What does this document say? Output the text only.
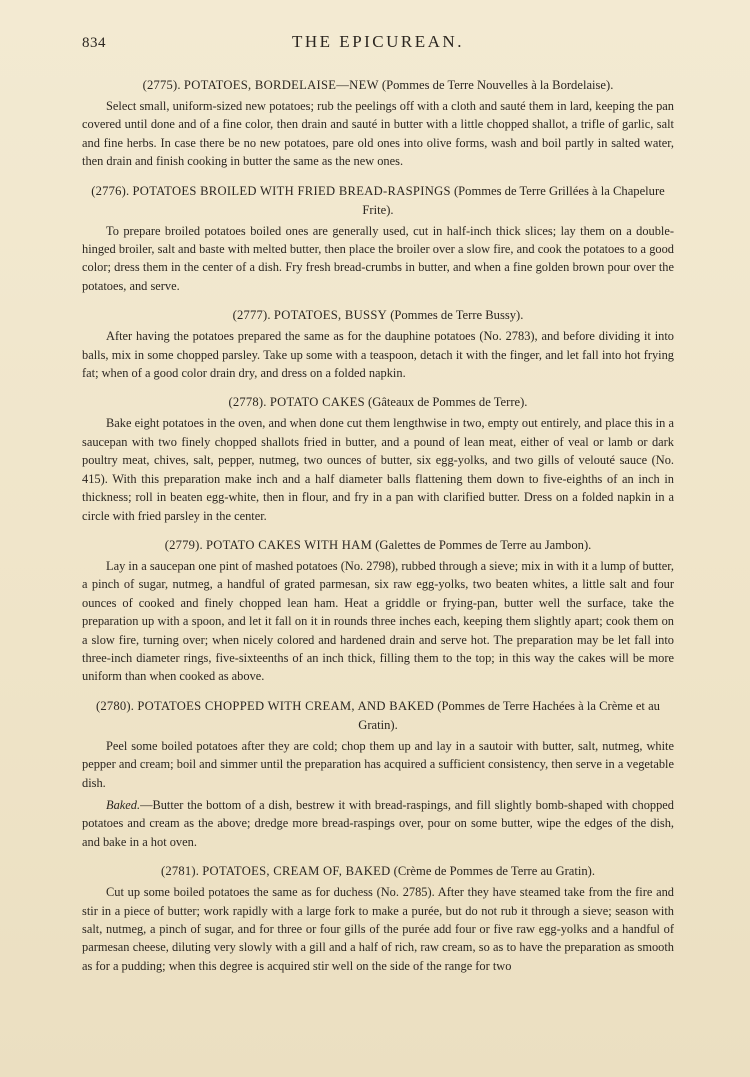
834	THE EPICUREAN.
(2775). POTATOES, BORDELAISE—NEW (Pommes de Terre Nouvelles à la Bordelaise).

Select small, uniform-sized new potatoes; rub the peelings off with a cloth and sauté them in lard, keeping the pan covered until done and of a fine color, then drain and sauté in butter with a little chopped shallot, a trifle of garlic, salt and fine herbs. In case there be no new potatoes, pare old ones into olive forms, wash and boil partly in salted water, then drain and finish cooking in butter the same as the new ones.

(2776). POTATOES BROILED WITH FRIED BREAD-RASPINGS (Pommes de Terre Grillées à la Chapelure Frite).

To prepare broiled potatoes boiled ones are generally used, cut in half-inch thick slices; lay them on a double-hinged broiler, salt and baste with melted butter, then place the broiler over a slow fire, and cook the potatoes to a good color; dress them in the center of a dish. Fry fresh bread-crumbs in butter, and when a fine golden brown pour over the potatoes, and serve.

(2777). POTATOES, BUSSY (Pommes de Terre Bussy).

After having the potatoes prepared the same as for the dauphine potatoes (No. 2783), and before dividing it into balls, mix in some chopped parsley. Take up some with a teaspoon, detach it with the finger, and let fall into hot frying fat; when of a good color drain dry, and dress on a folded napkin.

(2778). POTATO CAKES (Gâteaux de Pommes de Terre).

Bake eight potatoes in the oven, and when done cut them lengthwise in two, empty out entirely, and place this in a saucepan with two finely chopped shallots fried in butter, and a pound of lean meat, either of veal or lamb or dark poultry meat, chives, salt, pepper, nutmeg, two ounces of butter, six egg-yolks, and two gills of velouté sauce (No. 415). With this preparation make inch and a half diameter balls flattening them down to five-eighths of an inch in thickness; roll in beaten egg-white, then in flour, and fry in a pan with clarified butter. Dress on a folded napkin in a circle with fried parsley in the center.

(2779). POTATO CAKES WITH HAM (Galettes de Pommes de Terre au Jambon).

Lay in a saucepan one pint of mashed potatoes (No. 2798), rubbed through a sieve; mix in with it a lump of butter, a pinch of sugar, nutmeg, a handful of grated parmesan, six raw egg-yolks, two beaten whites, a little salt and four ounces of cooked and finely chopped lean ham. Heat a griddle or frying-pan, butter well the surface, take the preparation up with a spoon, and let it fall on it in rounds three inches each, keeping them slightly apart; cook them on a slow fire, turning over; when nicely colored and hardened drain and serve hot. The preparation may be let fall into three-inch diameter rings, five-sixteenths of an inch thick, filling them to the top; in this way the cakes will be more uniform than when cooked as above.

(2780). POTATOES CHOPPED WITH CREAM, AND BAKED (Pommes de Terre Hachées à la Crème et au Gratin).

Peel some boiled potatoes after they are cold; chop them up and lay in a sautoir with butter, salt, nutmeg, white pepper and cream; boil and simmer until the preparation has acquired a sufficient consistency, then serve in a vegetable dish.

Baked.—Butter the bottom of a dish, bestrew it with bread-raspings, and fill slightly bomb-shaped with chopped potatoes and cream as the above; dredge more bread-raspings over, pour on some butter, wipe the edges of the dish, and bake in a hot oven.

(2781). POTATOES, CREAM OF, BAKED (Crème de Pommes de Terre au Gratin).

Cut up some boiled potatoes the same as for duchess (No. 2785). After they have steamed take from the fire and stir in a piece of butter; work rapidly with a large fork to make a purée, but do not rub it through a sieve; season with salt, nutmeg, a pinch of sugar, and for three or four gills of the purée add four or five raw egg-yolks and a handful of parmesan cheese, diluting very slowly with a gill and a half of rich, raw cream, so as to have the preparation as smooth as for a pudding; when this degree is acquired stir well on the side of the range for two
